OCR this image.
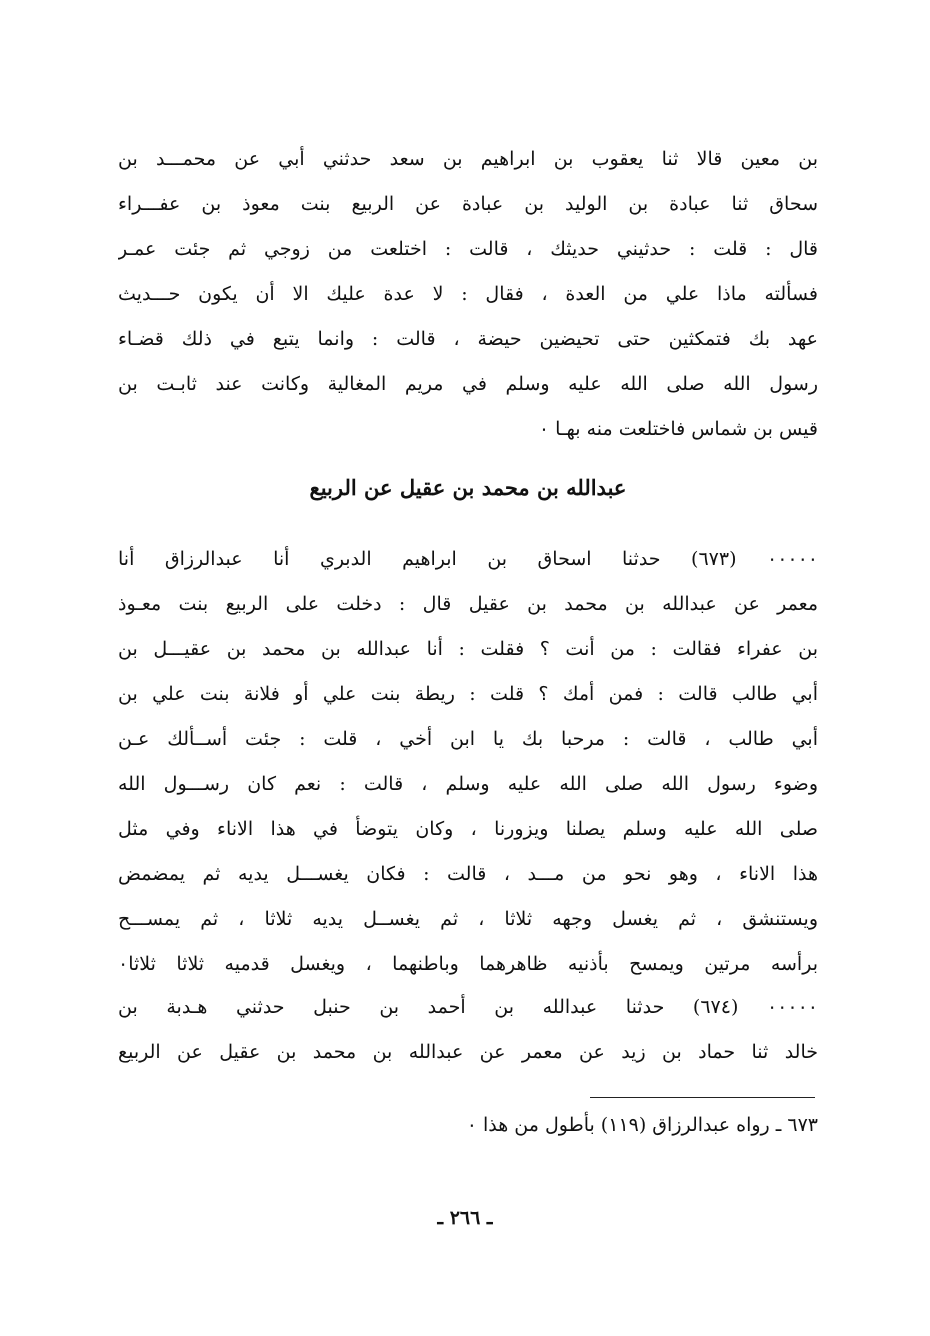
بن معين قالا ثنا يعقوب بن ابراهيم بن سعد حدثني أبي عن محمـــد بن
سحاق ثنا عبادة بن الوليد بن عبادة عن الربيع بنت معوذ بن عفـــراء
قال : قلت : حدثيني حديثك ، قالت : اختلعت من زوجي ثم جئت عمـر
فسألته ماذا علي من العدة ، فقال : لا عدة عليك الا أن يكون حـــديث
عهد بك فتمكثين حتى تحيضين حيضة ، قالت : وانما يتبع في ذلك قضـاء
رسول الله صلى الله عليه وسلم في مريم المغالية وكانت عند ثابـت بن
قيس بن شماس فاختلعت منه بهـا ٠
عبدالله بن محمد بن عقيل عن الربيع
٠٠٠٠٠ (٦٧٣) حدثنا اسحاق بن ابراهيم الدبري أنا عبدالرزاق أنا
معمر عن عبدالله بن محمد بن عقيل قال : دخلت على الربيع بنت معـوذ
بن عفراء فقالت : من أنت ؟ فقلت : أنا عبدالله بن محمد بن عقيـــل بن
أبي طالب قالت : فمن أمك ؟ قلت : ريطة بنت علي أو فلانة بنت علي بن
أبي طالب ، قالت : مرحبا بك يا ابن أخي ، قلت : جئت أســألك عـن
وضوء رسول الله صلى الله عليه وسلم ، قالت : نعم كان رســـول الله
صلى الله عليه وسلم يصلنا ويزورنا ، وكان يتوضأ في هذا الاناء وفي مثل
هذا الاناء ، وهو نحو من مـــد ، قالت : فكان يغســـل يديه ثم يمضمض
ويستنشق ، ثم يغسل وجهه ثلاثا ، ثم يغســل يديه ثلاثا ، ثم يمســـح
برأسه مرتين ويمسح بأذنيه ظاهرهما وباطنهما ، ويغسل قدميه ثلاثا ثلاثا٠
٠٠٠٠٠ (٦٧٤) حدثنا عبدالله بن أحمد بن حنبل حدثني هـدبة بن
خالد ثنا حماد بن زيد عن معمر عن عبدالله بن محمد بن عقيل عن الربيع
٦٧٣ ـ رواه عبدالرزاق (١١٩) بأطول من هذا ٠
ـ ٢٦٦ ـ
